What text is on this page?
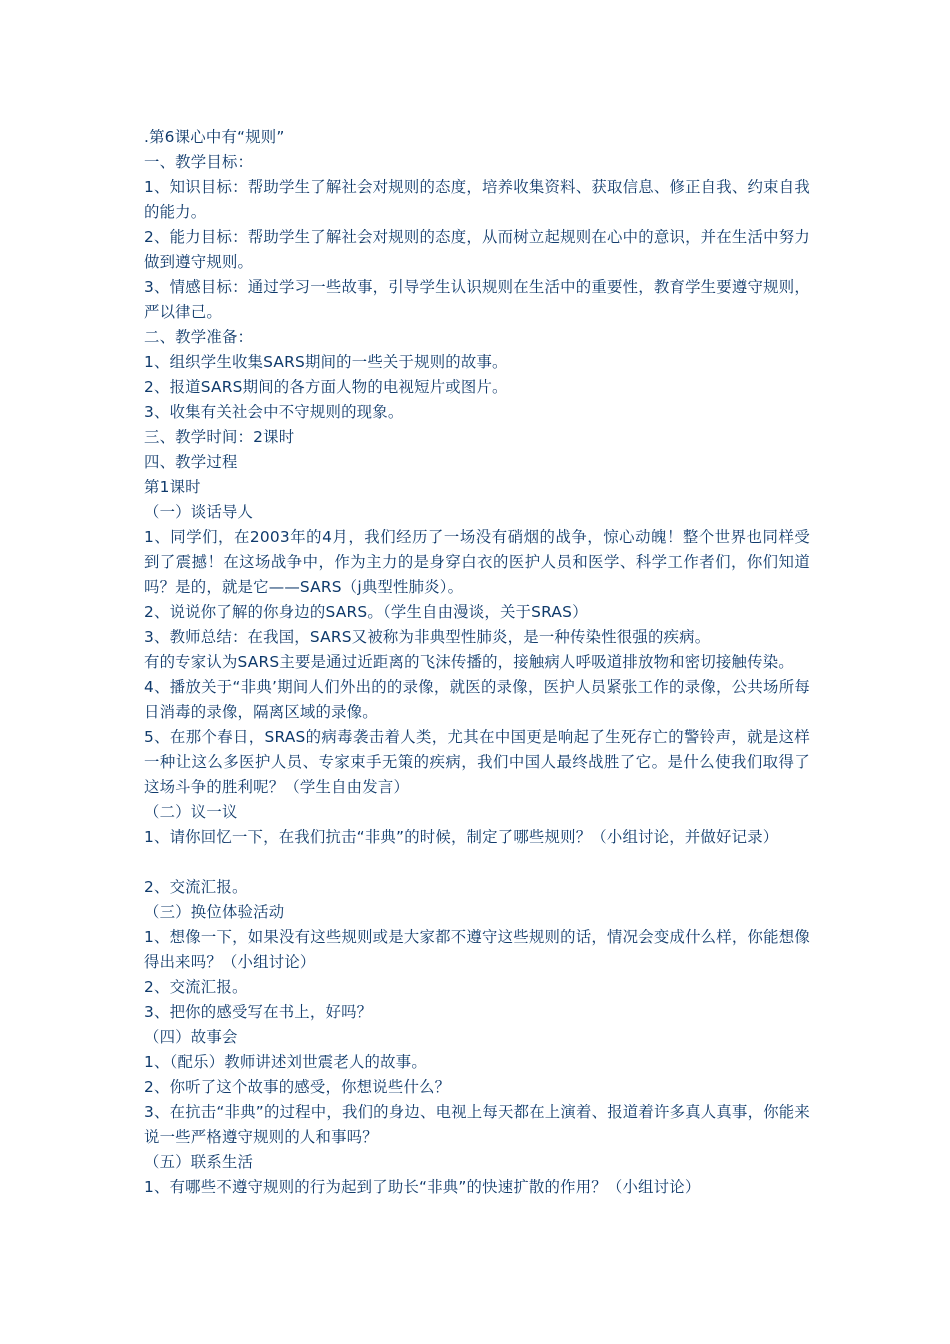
.第6课心中有“规则”
一、教学目标：

1、知识目标：帮助学生了解社会对规则的态度，培养收集资料、获取信息、修正自我、约束自我的能力。

2、能力目标：帮助学生了解社会对规则的态度，从而树立起规则在心中的意识，并在生活中努力做到遵守规则。

3、情感目标：通过学习一些故事，引导学生认识规则在生活中的重要性，教育学生要遵守规则，严以律己。

二、教学准备：
1、组织学生收集SARS期间的一些关于规则的故事。
2、报道SARS期间的各方面人物的电视短片或图片。
3、收集有关社会中不守规则的现象。
三、教学时间：2课时
四、教学过程
第1课时
（一）谈话导人

1、同学们，在2003年的4月，我们经历了一场没有硝烟的战争，惊心动魄！整个世界也同样受到了震撼！在这场战争中，作为主力的是身穿白衣的医护人员和医学、科学工作者们，你们知道吗？是的，就是它——SARS（j典型性肺炎）。

2、说说你了解的你身边的SARS。（学生自由漫谈，关于SRAS）
3、教师总结：在我国，SARS又被称为非典型性肺炎，是一种传染性很强的疾病。

有的专家认为SARS主要是通过近距离的飞沫传播的，接触病人呼吸道排放物和密切接触传染。

4、播放关于“非典’期间人们外出的的录像，就医的录像，医护人员紧张工作的录像，公共场所每日消毒的录像，隔离区域的录像。

5、在那个春日，SRAS的病毒袭击着人类，尤其在中国更是响起了生死存亡的警铃声，就是这样一种让这么多医护人员、专家束手无策的疾病，我们中国人最终战胜了它。是什么使我们取得了这场斗争的胜利呢？（学生自由发言）

（二）议一议
1、请你回忆一下，在我们抗击“非典”的时候，制定了哪些规则？（小组讨论，并做好记录）
2、交流汇报。
（三）换位体验活动

1、想像一下，如果没有这些规则或是大家都不遵守这些规则的话，情况会变成什么样，你能想像得出来吗？（小组讨论）

2、交流汇报。
3、把你的感受写在书上，好吗？
（四）故事会
1、（配乐）教师讲述刘世震老人的故事。
2、你听了这个故事的感受，你想说些什么？

3、在抗击“非典”的过程中，我们的身边、电视上每天都在上演着、报道着许多真人真事，你能来说一些严格遵守规则的人和事吗？

（五）联系生活
1、有哪些不遵守规则的行为起到了助长“非典”的快速扩散的作用？（小组讨论）
